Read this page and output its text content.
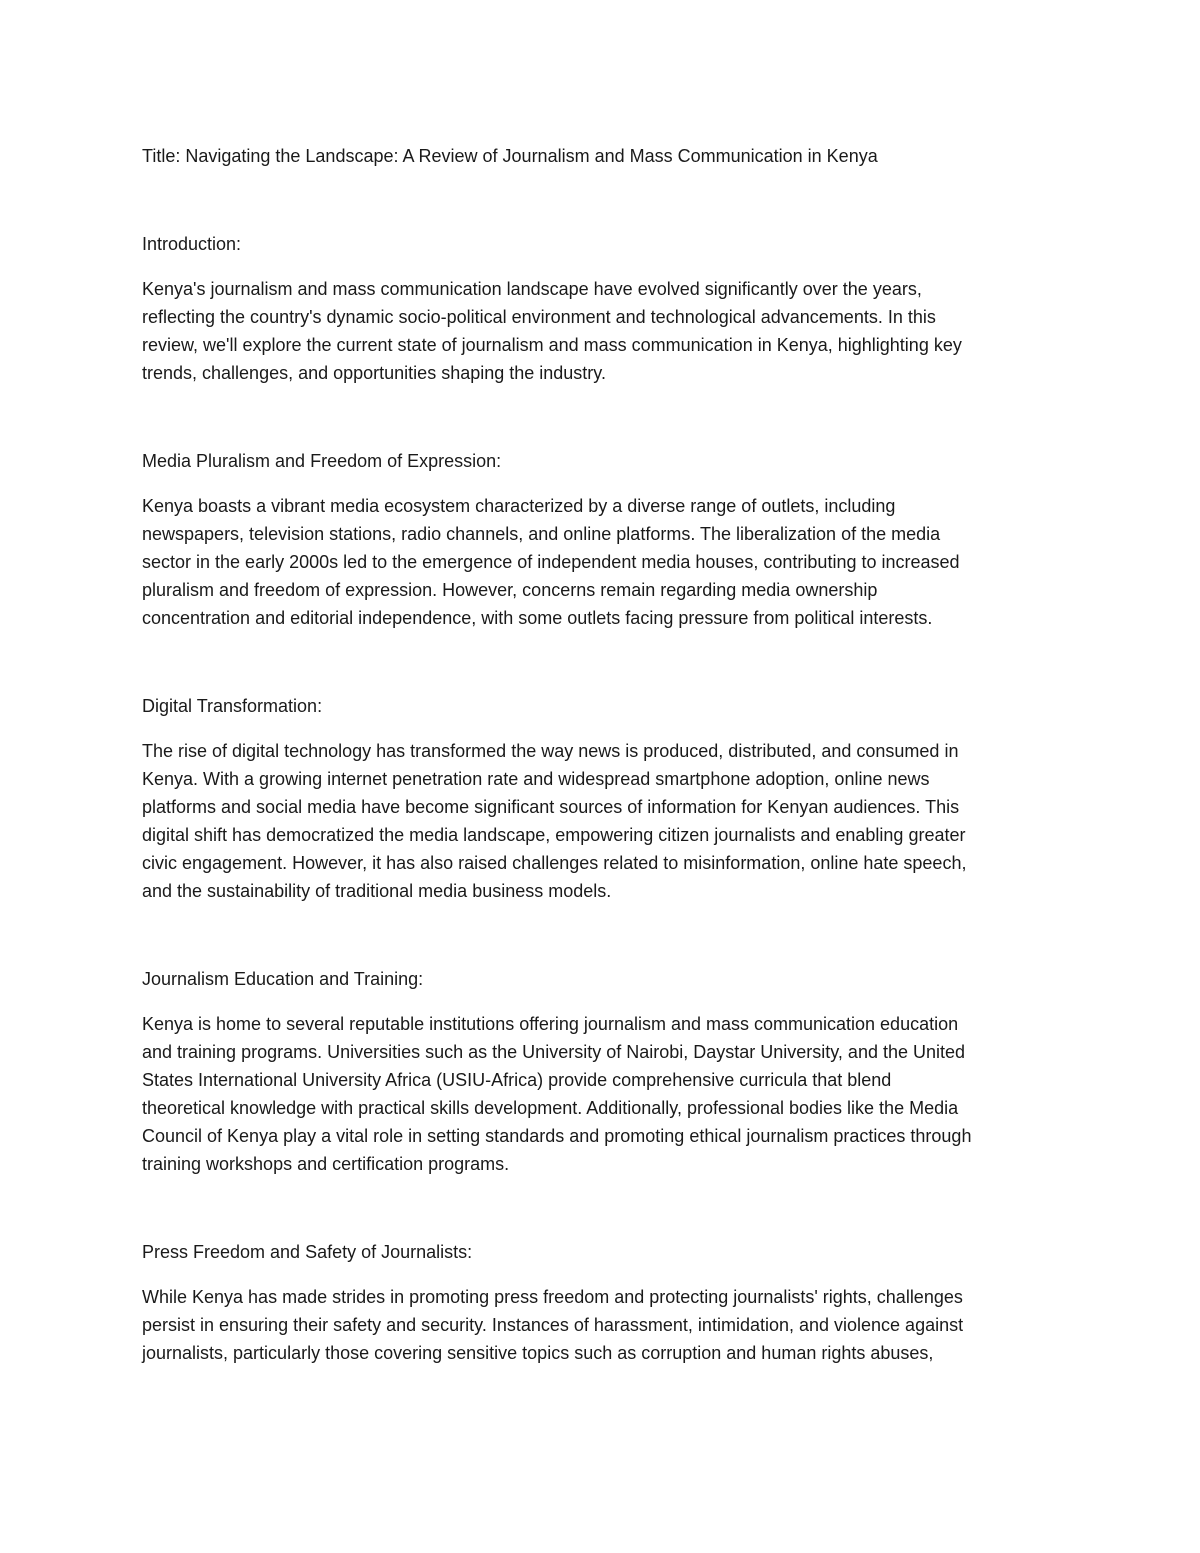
Title: Navigating the Landscape: A Review of Journalism and Mass Communication in Kenya

Introduction:

Kenya's journalism and mass communication landscape have evolved significantly over the years,

reflecting the country's dynamic socio-political environment and technological advancements. In this

review, we'll explore the current state of journalism and mass communication in Kenya, highlighting key

trends, challenges, and opportunities shaping the industry.

Media Pluralism and Freedom of Expression:

Kenya boasts a vibrant media ecosystem characterized by a diverse range of outlets, including

newspapers, television stations, radio channels, and online platforms. The liberalization of the media

sector in the early 2000s led to the emergence of independent media houses, contributing to increased

pluralism and freedom of expression. However, concerns remain regarding media ownership

concentration and editorial independence, with some outlets facing pressure from political interests.

Digital Transformation:

The rise of digital technology has transformed the way news is produced, distributed, and consumed in

Kenya. With a growing internet penetration rate and widespread smartphone adoption, online news

platforms and social media have become significant sources of information for Kenyan audiences. This

digital shift has democratized the media landscape, empowering citizen journalists and enabling greater

civic engagement. However, it has also raised challenges related to misinformation, online hate speech,

and the sustainability of traditional media business models.

Journalism Education and Training:

Kenya is home to several reputable institutions offering journalism and mass communication education

and training programs. Universities such as the University of Nairobi, Daystar University, and the United

States International University Africa (USIU-Africa) provide comprehensive curricula that blend

theoretical knowledge with practical skills development. Additionally, professional bodies like the Media

Council of Kenya play a vital role in setting standards and promoting ethical journalism practices through

training workshops and certification programs.

Press Freedom and Safety of Journalists:

While Kenya has made strides in promoting press freedom and protecting journalists' rights, challenges

persist in ensuring their safety and security. Instances of harassment, intimidation, and violence against

journalists, particularly those covering sensitive topics such as corruption and human rights abuses,
